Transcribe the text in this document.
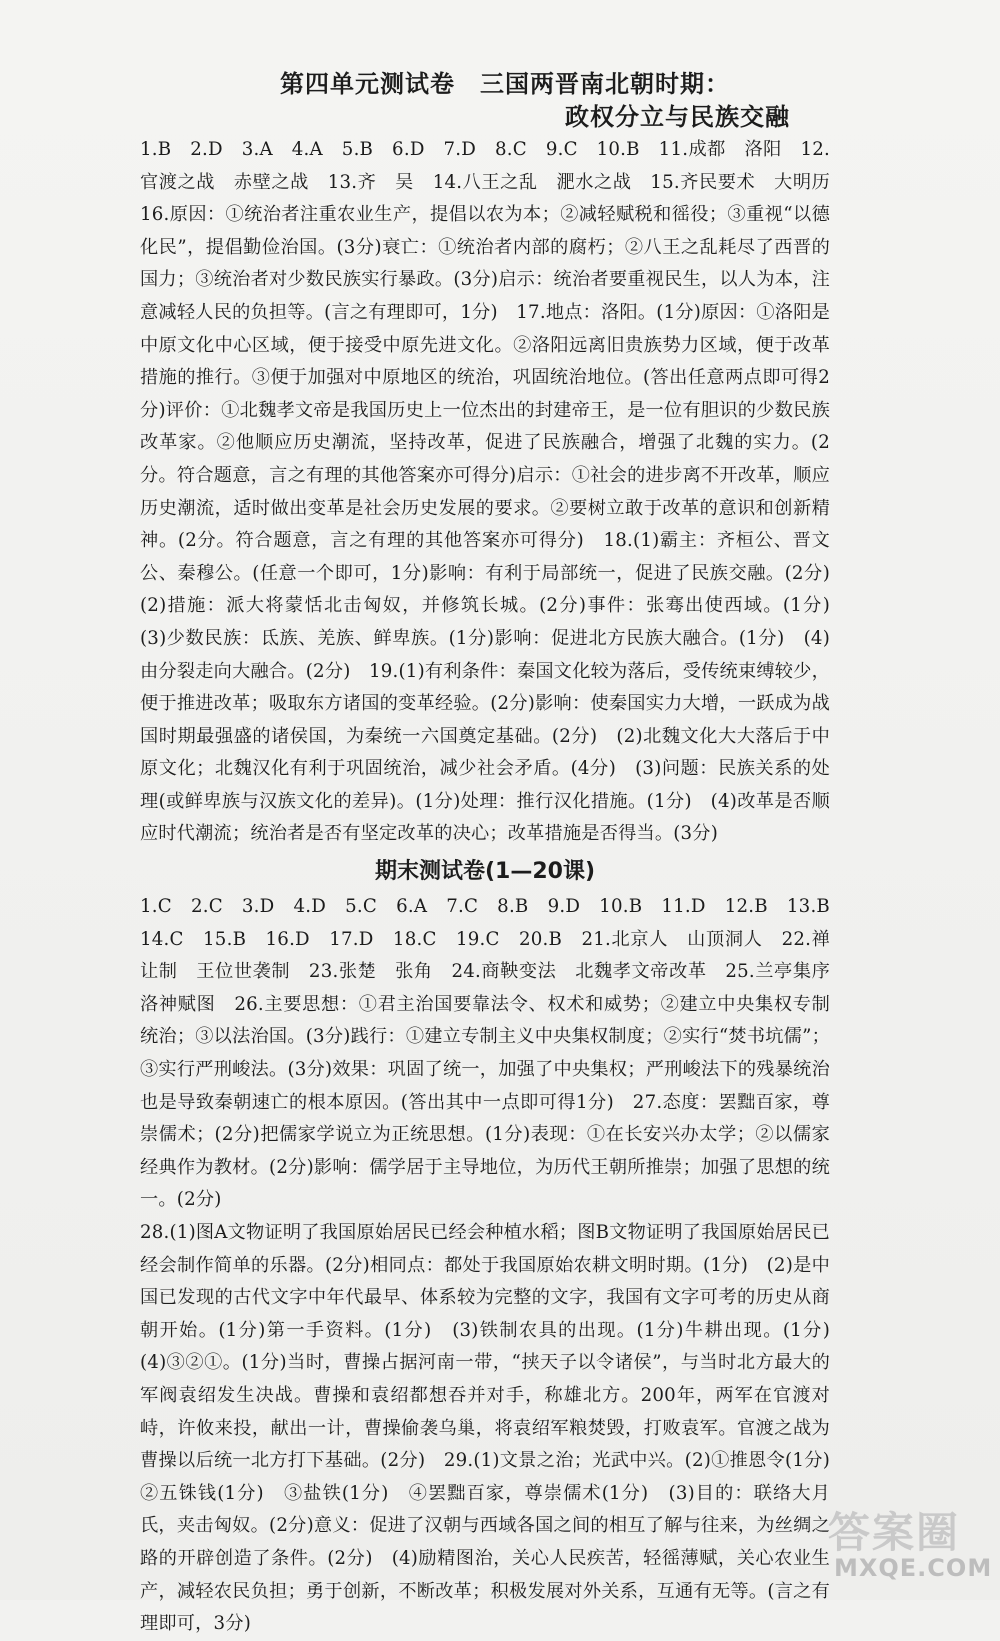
第四单元测试卷　三国两晋南北朝时期：
政权分立与民族交融

1.B　2.D　3.A　4.A　5.B　6.D　7.D　8.C　9.C　10.B　11.成都　洛阳　12.官渡之战　赤壁之战　13.齐　吴　14.八王之乱　淝水之战　15.齐民要术　大明历　16.原因：①统治者注重农业生产，提倡以农为本；②减轻赋税和徭役；③重视“以德化民”，提倡勤俭治国。(3分)衰亡：①统治者内部的腐朽；②八王之乱耗尽了西晋的国力；③统治者对少数民族实行暴政。(3分)启示：统治者要重视民生，以人为本，注意减轻人民的负担等。(言之有理即可，1分)　17.地点：洛阳。(1分)原因：①洛阳是中原文化中心区域，便于接受中原先进文化。②洛阳远离旧贵族势力区域，便于改革措施的推行。③便于加强对中原地区的统治，巩固统治地位。(答出任意两点即可得2分)评价：①北魏孝文帝是我国历史上一位杰出的封建帝王，是一位有胆识的少数民族改革家。②他顺应历史潮流，坚持改革，促进了民族融合，增强了北魏的实力。(2分。符合题意，言之有理的其他答案亦可得分)启示：①社会的进步离不开改革，顺应历史潮流，适时做出变革是社会历史发展的要求。②要树立敢于改革的意识和创新精神。(2分。符合题意，言之有理的其他答案亦可得分)　18.(1)霸主：齐桓公、晋文公、秦穆公。(任意一个即可，1分)影响：有利于局部统一，促进了民族交融。(2分)　(2)措施：派大将蒙恬北击匈奴，并修筑长城。(2分)事件：张骞出使西域。(1分)　(3)少数民族：氐族、羌族、鲜卑族。(1分)影响：促进北方民族大融合。(1分)　(4)由分裂走向大融合。(2分)　19.(1)有利条件：秦国文化较为落后，受传统束缚较少，便于推进改革；吸取东方诸国的变革经验。(2分)影响：使秦国实力大增，一跃成为战国时期最强盛的诸侯国，为秦统一六国奠定基础。(2分)　(2)北魏文化大大落后于中原文化；北魏汉化有利于巩固统治，减少社会矛盾。(4分)　(3)问题：民族关系的处理(或鲜卑族与汉族文化的差异)。(1分)处理：推行汉化措施。(1分)　(4)改革是否顺应时代潮流；统治者是否有坚定改革的决心；改革措施是否得当。(3分)

期末测试卷(1—20课)

1.C　2.C　3.D　4.D　5.C　6.A　7.C　8.B　9.D　10.B　11.D　12.B　13.B　14.C　15.B　16.D　17.D　18.C　19.C　20.B　21.北京人　山顶洞人　22.禅让制　王位世袭制　23.张楚　张角　24.商鞅变法　北魏孝文帝改革　25.兰亭集序　洛神赋图　26.主要思想：①君主治国要靠法令、权术和威势；②建立中央集权专制统治；③以法治国。(3分)践行：①建立专制主义中央集权制度；②实行“焚书坑儒”；③实行严刑峻法。(3分)效果：巩固了统一，加强了中央集权；严刑峻法下的残暴统治也是导致秦朝速亡的根本原因。(答出其中一点即可得1分)　27.态度：罢黜百家，尊崇儒术；(2分)把儒家学说立为正统思想。(1分)表现：①在长安兴办太学；②以儒家经典作为教材。(2分)影响：儒学居于主导地位，为历代王朝所推崇；加强了思想的统一。(2分)

28.(1)图A文物证明了我国原始居民已经会种植水稻；图B文物证明了我国原始居民已经会制作简单的乐器。(2分)相同点：都处于我国原始农耕文明时期。(1分)　(2)是中国已发现的古代文字中年代最早、体系较为完整的文字，我国有文字可考的历史从商朝开始。(1分)第一手资料。(1分)　(3)铁制农具的出现。(1分)牛耕出现。(1分)　(4)③②①。(1分)当时，曹操占据河南一带，“挟天子以令诸侯”，与当时北方最大的军阀袁绍发生决战。曹操和袁绍都想吞并对手，称雄北方。200年，两军在官渡对峙，许攸来投，献出一计，曹操偷袭乌巢，将袁绍军粮焚毁，打败袁军。官渡之战为曹操以后统一北方打下基础。(2分)　29.(1)文景之治；光武中兴。(2)①推恩令(1分)　②五铢钱(1分)　③盐铁(1分)　④罢黜百家，尊崇儒术(1分)　(3)目的：联络大月氏，夹击匈奴。(2分)意义：促进了汉朝与西域各国之间的相互了解与往来，为丝绸之路的开辟创造了条件。(2分)　(4)励精图治，关心人民疾苦，轻徭薄赋，关心农业生产，减轻农民负担；勇于创新，不断改革；积极发展对外关系，互通有无等。(言之有理即可，3分)

答案圈
MXQE.COM
